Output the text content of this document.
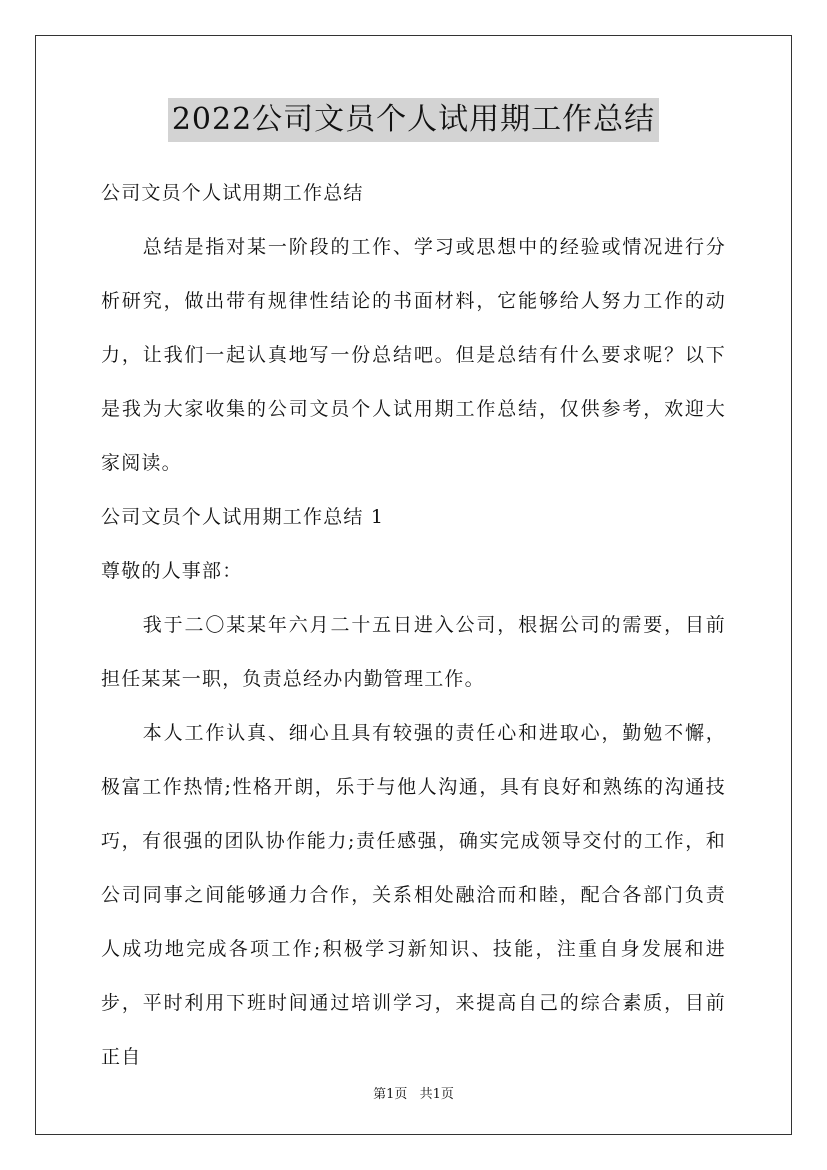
2022公司文员个人试用期工作总结

公司文员个人试用期工作总结

总结是指对某一阶段的工作、学习或思想中的经验或情况进行分析研究，做出带有规律性结论的书面材料，它能够给人努力工作的动力，让我们一起认真地写一份总结吧。但是总结有什么要求呢？以下是我为大家收集的公司文员个人试用期工作总结，仅供参考，欢迎大家阅读。

公司文员个人试用期工作总结 1

尊敬的人事部：

我于二〇某某年六月二十五日进入公司，根据公司的需要，目前担任某某一职，负责总经办内勤管理工作。

本人工作认真、细心且具有较强的责任心和进取心，勤勉不懈，极富工作热情;性格开朗，乐于与他人沟通，具有良好和熟练的沟通技巧，有很强的团队协作能力;责任感强，确实完成领导交付的工作，和公司同事之间能够通力合作，关系相处融洽而和睦，配合各部门负责人成功地完成各项工作;积极学习新知识、技能，注重自身发展和进步，平时利用下班时间通过培训学习，来提高自己的综合素质，目前正自

第1页 共1页
